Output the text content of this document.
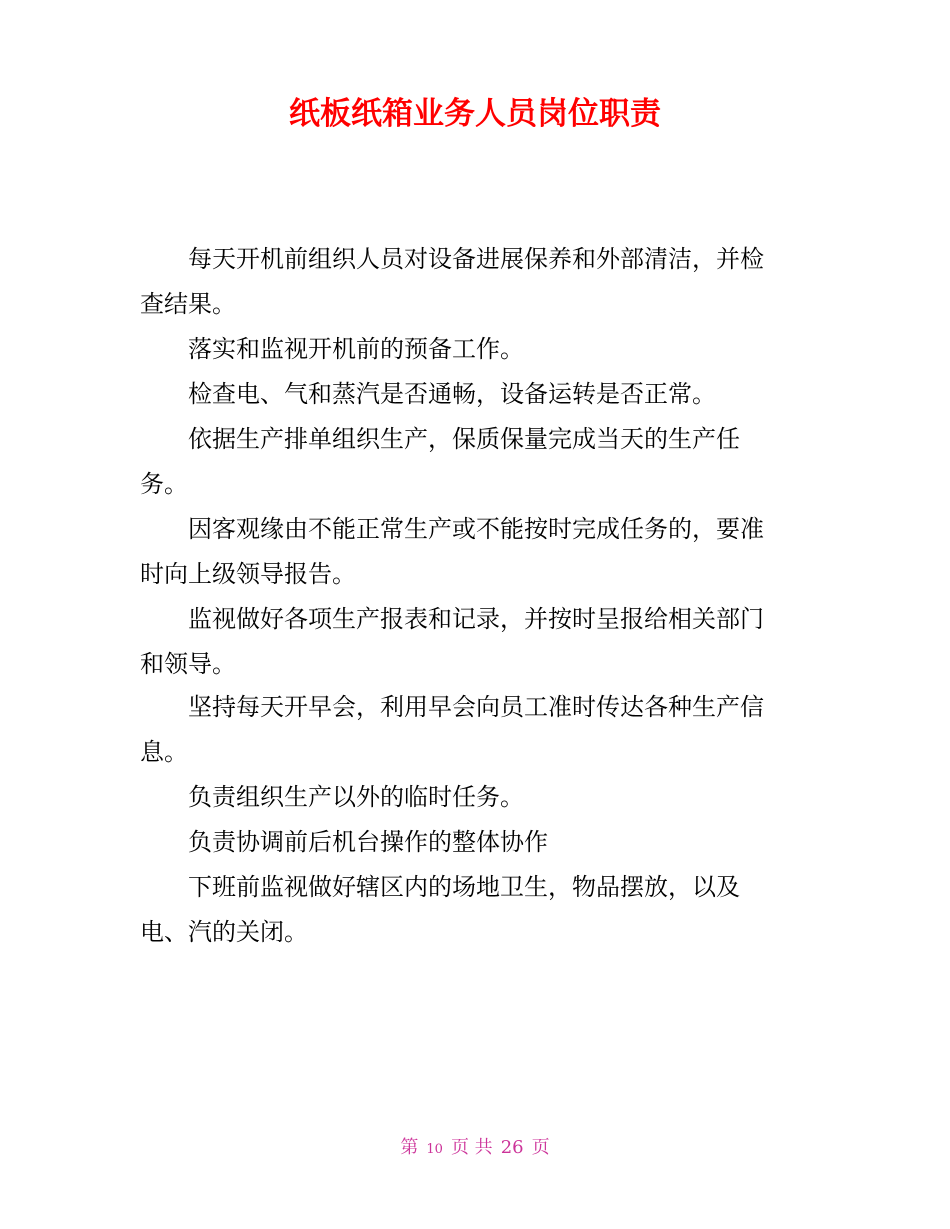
纸板纸箱业务人员岗位职责

每天开机前组织人员对设备进展保养和外部清洁，并检查结果。

落实和监视开机前的预备工作。

检查电、气和蒸汽是否通畅，设备运转是否正常。

依据生产排单组织生产，保质保量完成当天的生产任务。

因客观缘由不能正常生产或不能按时完成任务的，要准时向上级领导报告。

监视做好各项生产报表和记录，并按时呈报给相关部门和领导。

坚持每天开早会，利用早会向员工准时传达各种生产信息。

负责组织生产以外的临时任务。

负责协调前后机台操作的整体协作

下班前监视做好辖区内的场地卫生，物品摆放，以及电、汽的关闭。

第 10 页 共 26 页
